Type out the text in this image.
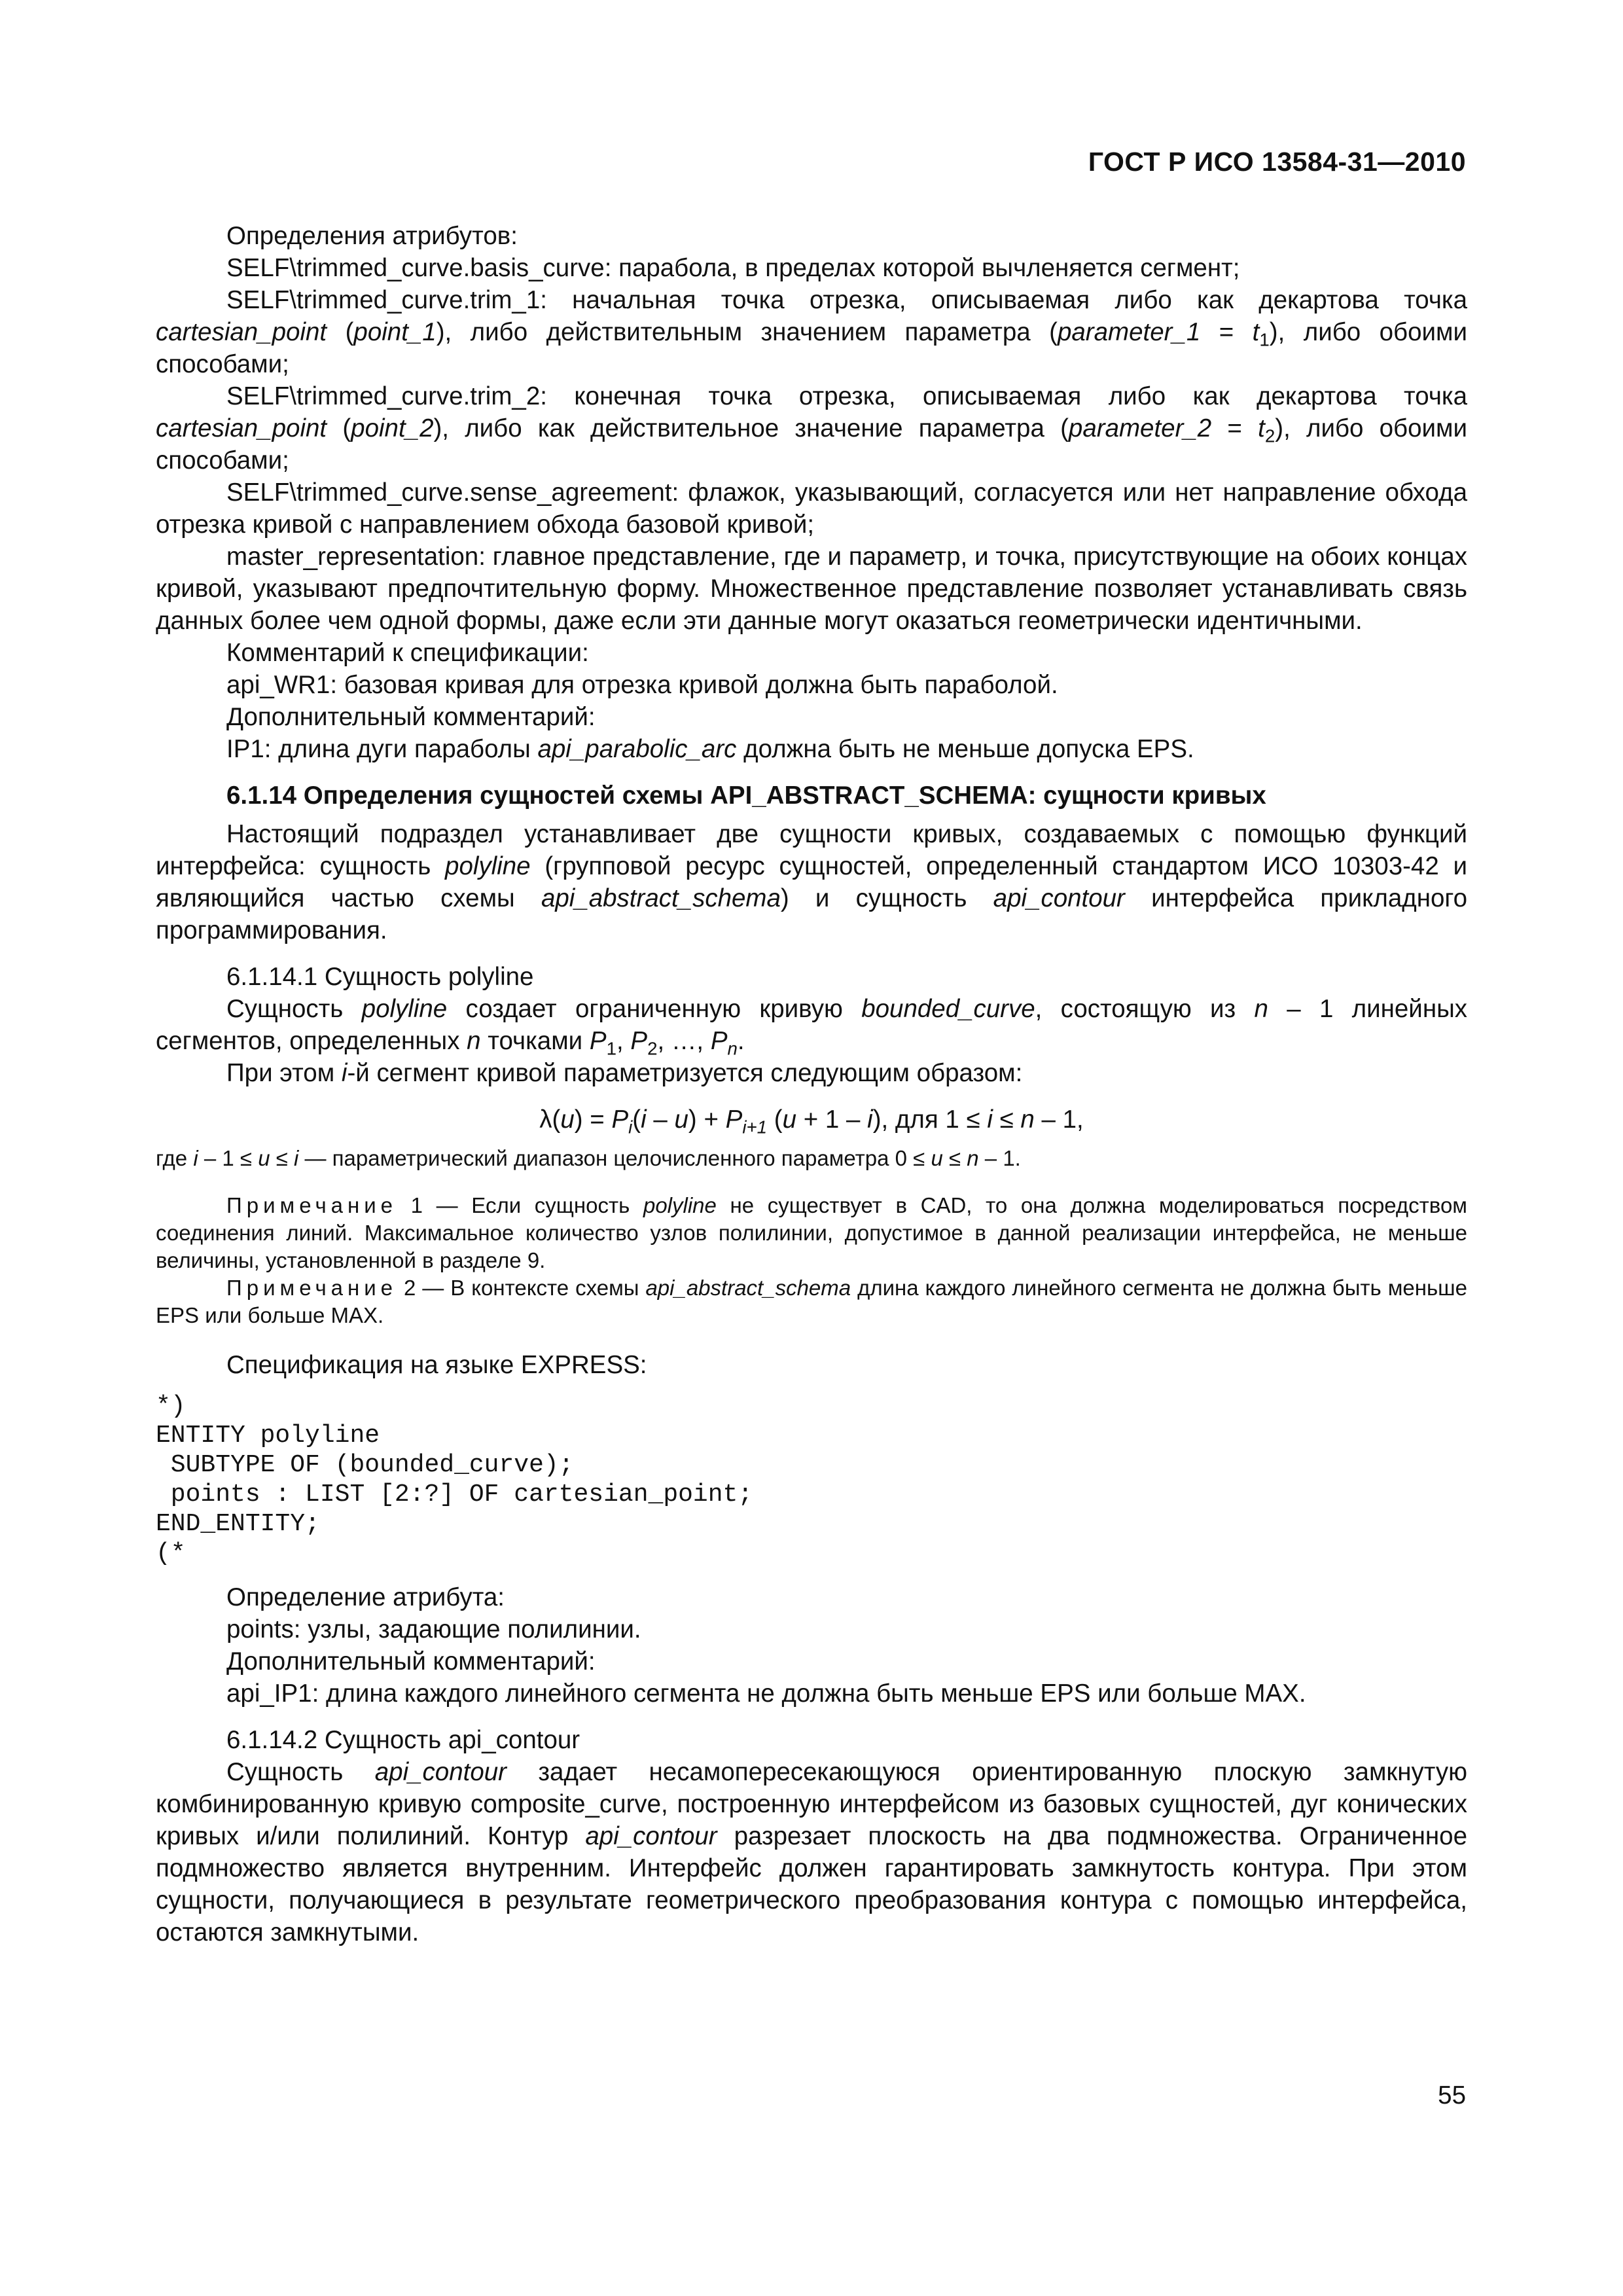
ГОСТ Р ИСО 13584-31—2010

Определения атрибутов:

SELF\trimmed_curve.basis_curve: парабола, в пределах которой вычленяется сегмент;

SELF\trimmed_curve.trim_1: начальная точка отрезка, описываемая либо как декартова точка cartesian_point (point_1), либо действительным значением параметра (parameter_1 = $t_1$), либо обоими способами;

SELF\trimmed_curve.trim_2: конечная точка отрезка, описываемая либо как декартова точка cartesian_point (point_2), либо как действительное значение параметра (parameter_2 = $t_2$), либо обоими способами;

SELF\trimmed_curve.sense_agreement: флажок, указывающий, согласуется или нет направление обхода отрезка кривой с направлением обхода базовой кривой;

master_representation: главное представление, где и параметр, и точка, присутствующие на обоих концах кривой, указывают предпочтительную форму. Множественное представление позволяет устанавливать связь данных более чем одной формы, даже если эти данные могут оказаться геометрически идентичными.

Комментарий к спецификации:

api_WR1: базовая кривая для отрезка кривой должна быть параболой.

Дополнительный комментарий:

IP1: длина дуги параболы api_parabolic_arc должна быть не меньше допуска EPS.

6.1.14 Определения сущностей схемы API_ABSTRACT_SCHEMA: сущности кривых

Настоящий подраздел устанавливает две сущности кривых, создаваемых с помощью функций интерфейса: сущность polyline (групповой ресурс сущностей, определенный стандартом ИСО 10303-42 и являющийся частью схемы api_abstract_schema) и сущность api_contour интерфейса прикладного программирования.

6.1.14.1 Сущность polyline

Сущность polyline создает ограниченную кривую bounded_curve, состоящую из n – 1 линейных сегментов, определенных n точками $P_1$, $P_2$, …, $P_n$.

При этом i-й сегмент кривой параметризуется следующим образом:

$\lambda(u) = P_i(i - u) + P_{i+1}$ (u + 1 – i), для 1 ≤ i ≤ n – 1,

где i – 1 ≤ u ≤ i — параметрический диапазон целочисленного параметра 0 ≤ u ≤ n – 1.

Примечание 1 — Если сущность polyline не существует в CAD, то она должна моделироваться посредством соединения линий. Максимальное количество узлов полилинии, допустимое в данной реализации интерфейса, не меньше величины, установленной в разделе 9.

Примечание 2 — В контексте схемы api_abstract_schema длина каждого линейного сегмента не должна быть меньше EPS или больше MAX.

Спецификация на языке EXPRESS:

*)
ENTITY polyline
SUBTYPE OF (bounded_curve);
points : LIST [2:?] OF cartesian_point;
END_ENTITY;
(*

Определение атрибута:

points: узлы, задающие полилинии.

Дополнительный комментарий:

api_IP1: длина каждого линейного сегмента не должна быть меньше EPS или больше MAX.

6.1.14.2 Сущность api_contour

Сущность api_contour задает несамопересекающуюся ориентированную плоскую замкнутую комбинированную кривую composite_curve, построенную интерфейсом из базовых сущностей, дуг конических кривых и/или полилиний. Контур api_contour разрезает плоскость на два подмножества. Ограниченное подмножество является внутренним. Интерфейс должен гарантировать замкнутость контура. При этом сущности, получающиеся в результате геометрического преобразования контура с помощью интерфейса, остаются замкнутыми.

55
